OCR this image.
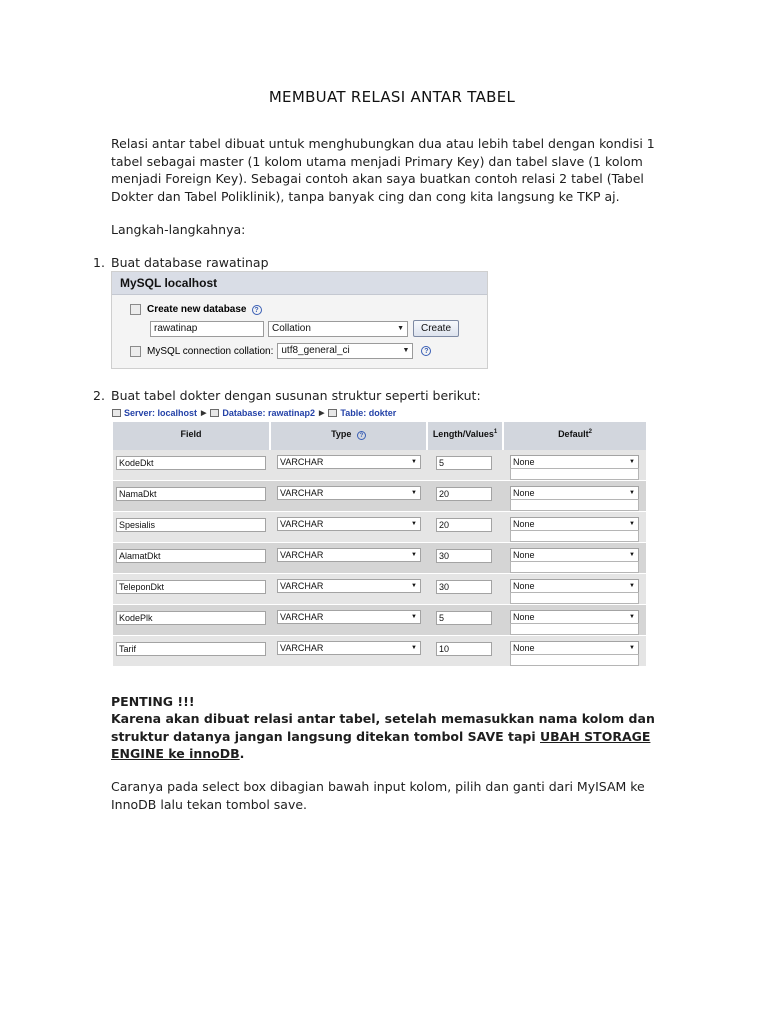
MEMBUAT RELASI ANTAR TABEL
Relasi antar tabel dibuat untuk menghubungkan dua atau lebih tabel dengan kondisi 1 tabel sebagai master (1 kolom utama menjadi Primary Key) dan tabel slave (1 kolom menjadi Foreign Key). Sebagai contoh akan saya buatkan contoh relasi 2 tabel (Tabel Dokter dan Tabel Poliklinik), tanpa banyak cing dan cong kita langsung ke TKP aj.
Langkah-langkahnya:
1. Buat database rawatinap
MySQL localhost
Create new database	?
rawatinap	Collation	▼	Create
MySQL connection collation: utf8_general_ci	▼	?
2. Buat tabel dokter dengan susunan struktur seperti berikut:
Server: localhost ▶ Database: rawatinap2 ▶ Table: dokter
Field	Type ?	Length/Values$^1$	Default$^2$
KodeDkt	VARCHAR	▼	5	None	▼
NamaDkt	VARCHAR	▼	20	None	▼
Spesialis	VARCHAR	▼	20	None	▼
AlamatDkt	VARCHAR	▼	30	None	▼
TeleponDkt	VARCHAR	▼	30	None	▼
KodePlk	VARCHAR	▼	5	None	▼
Tarif	VARCHAR	▼	10	None	▼
PENTING !!!
Karena akan dibuat relasi antar tabel, setelah memasukkan nama kolom dan struktur datanya jangan langsung ditekan tombol SAVE tapi UBAH STORAGE ENGINE ke innoDB.
Caranya pada select box dibagian bawah input kolom, pilih dan ganti dari MyISAM ke InnoDB lalu tekan tombol save.
